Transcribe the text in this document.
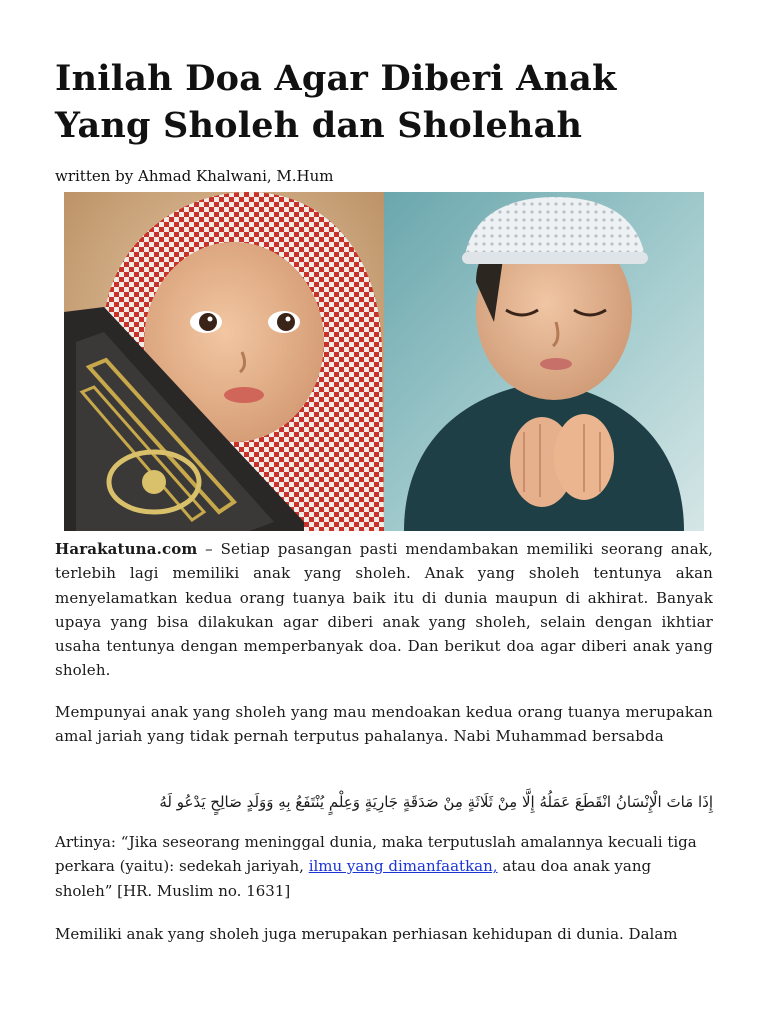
Inilah Doa Agar Diberi Anak Yang Sholeh dan Sholehah
written by Ahmad Khalwani, M.Hum

Harakatuna.com – Setiap pasangan pasti mendambakan memiliki seorang anak, terlebih lagi memiliki anak yang sholeh. Anak yang sholeh tentunya akan menyelamatkan kedua orang tuanya baik itu di dunia maupun di akhirat. Banyak upaya yang bisa dilakukan agar diberi anak yang sholeh, selain dengan ikhtiar usaha tentunya dengan memperbanyak doa. Dan berikut doa agar diberi anak yang sholeh.

Mempunyai anak yang sholeh yang mau mendoakan kedua orang tuanya merupakan amal jariah yang tidak pernah terputus pahalanya. Nabi Muhammad bersabda

إِذَا مَاتَ الْإِنْسَانُ انْقَطَعَ عَمَلُهُ إِلَّا مِنْ ثَلَاثَةٍ مِنْ صَدَقَةٍ جَارِيَةٍ وَعِلْمٍ يُنْتَفَعُ بِهِ وَوَلَدٍ صَالِحٍ يَدْعُو لَهُ

Artinya: “Jika seseorang meninggal dunia, maka terputuslah amalannya kecuali tiga perkara (yaitu): sedekah jariyah, ilmu yang dimanfaatkan, atau doa anak yang sholeh” [HR. Muslim no. 1631]

Memiliki anak yang sholeh juga merupakan perhiasan kehidupan di dunia. Dalam
